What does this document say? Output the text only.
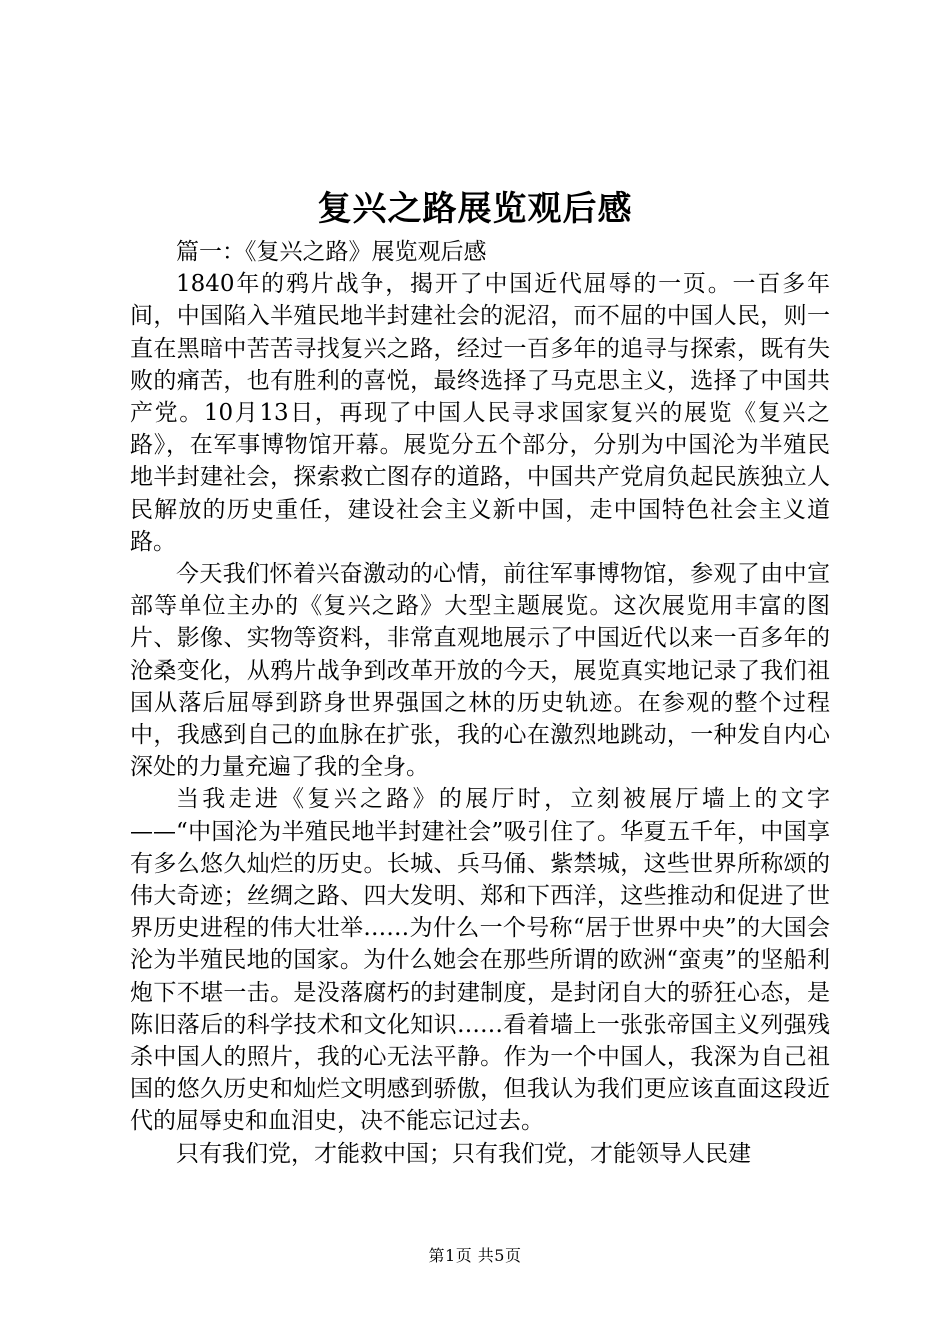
复兴之路展览观后感

篇一：《复兴之路》展览观后感

1840年的鸦片战争，揭开了中国近代屈辱的一页。一百多年间，中国陷入半殖民地半封建社会的泥沼，而不屈的中国人民，则一直在黑暗中苦苦寻找复兴之路，经过一百多年的追寻与探索，既有失败的痛苦，也有胜利的喜悦，最终选择了马克思主义，选择了中国共产党。10月13日，再现了中国人民寻求国家复兴的展览《复兴之路》，在军事博物馆开幕。展览分五个部分，分别为中国沦为半殖民地半封建社会，探索救亡图存的道路，中国共产党肩负起民族独立人民解放的历史重任，建设社会主义新中国，走中国特色社会主义道路。

今天我们怀着兴奋激动的心情，前往军事博物馆，参观了由中宣部等单位主办的《复兴之路》大型主题展览。这次展览用丰富的图片、影像、实物等资料，非常直观地展示了中国近代以来一百多年的沧桑变化，从鸦片战争到改革开放的今天，展览真实地记录了我们祖国从落后屈辱到跻身世界强国之林的历史轨迹。在参观的整个过程中，我感到自己的血脉在扩张，我的心在激烈地跳动，一种发自内心深处的力量充遍了我的全身。

当我走进《复兴之路》的展厅时，立刻被展厅墙上的文字——“中国沦为半殖民地半封建社会”吸引住了。华夏五千年，中国享有多么悠久灿烂的历史。长城、兵马俑、紫禁城，这些世界所称颂的伟大奇迹；丝绸之路、四大发明、郑和下西洋，这些推动和促进了世界历史进程的伟大壮举……为什么一个号称“居于世界中央”的大国会沦为半殖民地的国家。为什么她会在那些所谓的欧洲“蛮夷”的坚船利炮下不堪一击。是没落腐朽的封建制度，是封闭自大的骄狂心态，是陈旧落后的科学技术和文化知识……看着墙上一张张帝国主义列强残杀中国人的照片，我的心无法平静。作为一个中国人，我深为自己祖国的悠久历史和灿烂文明感到骄傲，但我认为我们更应该直面这段近代的屈辱史和血泪史，决不能忘记过去。

只有我们党，才能救中国；只有我们党，才能领导人民建

第1页 共5页
